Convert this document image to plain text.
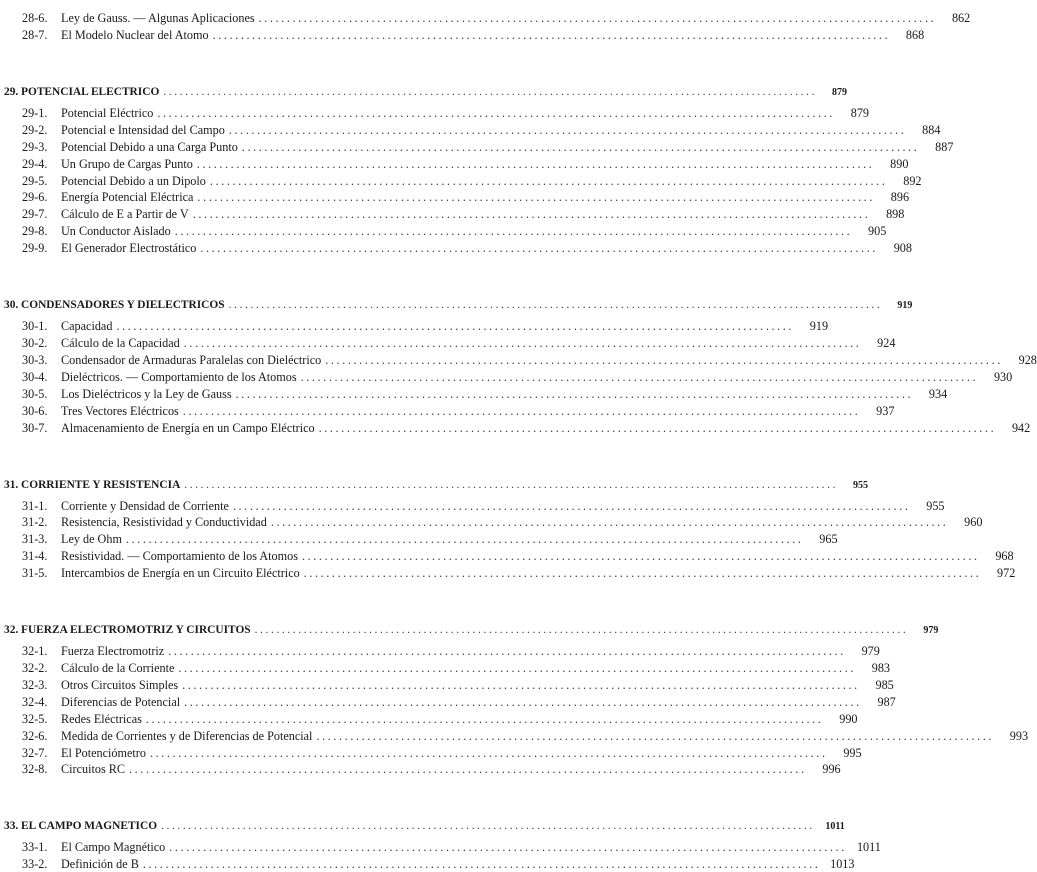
28-6.	Ley de Gauss. — Algunas Aplicaciones ........................................................................................................................	862
28-7.	El Modelo Nuclear del Atomo ........................................................................................................................	868
29. POTENCIAL ELECTRICO ........................................................................................................................	879
29-1.	Potencial Eléctrico ........................................................................................................................	879
29-2.	Potencial e Intensidad del Campo ........................................................................................................................	884
29-3.	Potencial Debido a una Carga Punto ........................................................................................................................	887
29-4.	Un Grupo de Cargas Punto ........................................................................................................................	890
29-5.	Potencial Debido a un Dipolo ........................................................................................................................	892
29-6.	Energía Potencial Eléctrica ........................................................................................................................	896
29-7.	Cálculo de E a Partir de V ........................................................................................................................	898
29-8.	Un Conductor Aislado ........................................................................................................................	905
29-9.	El Generador Electrostático ........................................................................................................................	908
30. CONDENSADORES Y DIELECTRICOS ........................................................................................................................	919
30-1.	Capacidad ........................................................................................................................	919
30-2.	Cálculo de la Capacidad ........................................................................................................................	924
30-3.	Condensador de Armaduras Paralelas con Dieléctrico ........................................................................................................................	928
30-4.	Dieléctricos. — Comportamiento de los Atomos ........................................................................................................................	930
30-5.	Los Dieléctricos y la Ley de Gauss ........................................................................................................................	934
30-6.	Tres Vectores Eléctricos ........................................................................................................................	937
30-7.	Almacenamiento de Energía en un Campo Eléctrico ........................................................................................................................	942
31. CORRIENTE Y RESISTENCIA ........................................................................................................................	955
31-1.	Corriente y Densidad de Corriente ........................................................................................................................	955
31-2.	Resistencia, Resistividad y Conductividad ........................................................................................................................	960
31-3.	Ley de Ohm ........................................................................................................................	965
31-4.	Resistividad. — Comportamiento de los Atomos ........................................................................................................................	968
31-5.	Intercambios de Energía en un Circuito Eléctrico ........................................................................................................................	972
32. FUERZA ELECTROMOTRIZ Y CIRCUITOS ........................................................................................................................	979
32-1.	Fuerza Electromotriz ........................................................................................................................	979
32-2.	Cálculo de la Corriente ........................................................................................................................	983
32-3.	Otros Circuitos Simples ........................................................................................................................	985
32-4.	Diferencias de Potencial ........................................................................................................................	987
32-5.	Redes Eléctricas ........................................................................................................................	990
32-6.	Medida de Corrientes y de Diferencias de Potencial ........................................................................................................................	993
32-7.	El Potenciómetro ........................................................................................................................	995
32-8.	Circuitos RC ........................................................................................................................	996
33. EL CAMPO MAGNETICO ........................................................................................................................	1011
33-1.	El Campo Magnético ........................................................................................................................ 1011
33-2.	Definición de B ........................................................................................................................ 1013
